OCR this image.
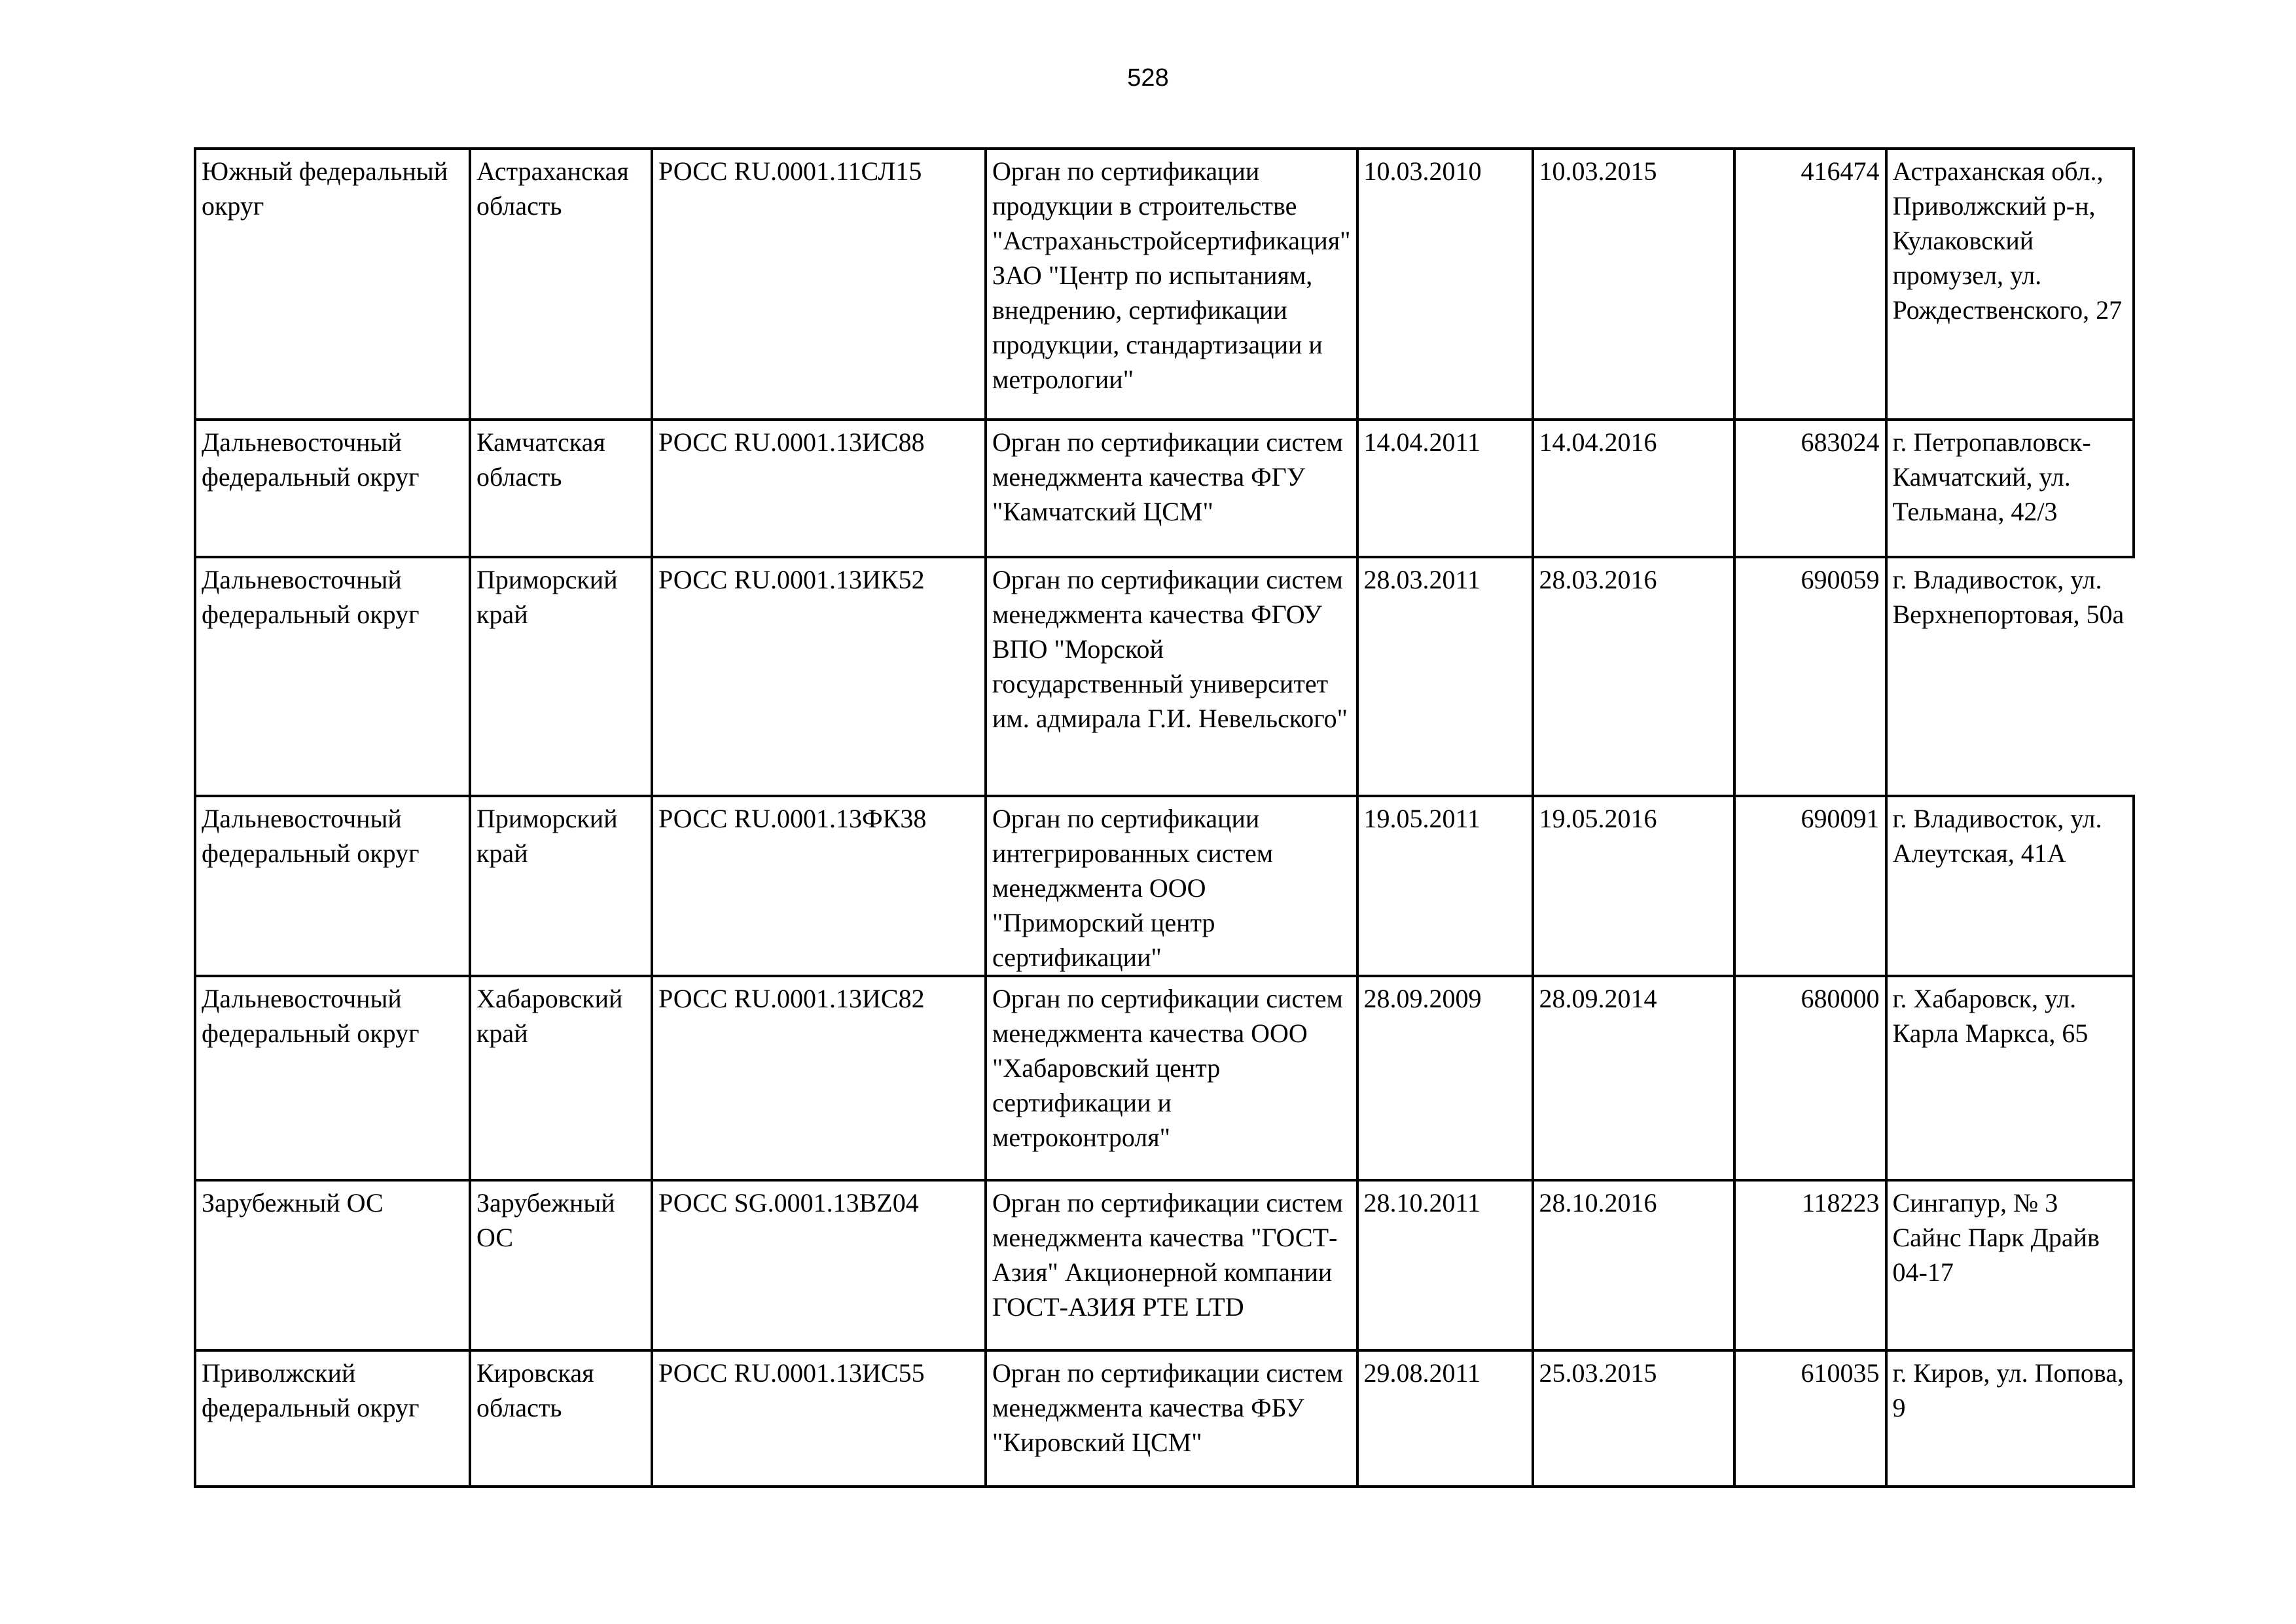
528
Южный федеральный округ	Астраханская область	РОСС RU.0001.11СЛ15	Орган по сертификации продукции в строительстве "Астраханьстройсертификация" ЗАО "Центр по испытаниям, внедрению, сертификации продукции, стандартизации и метрологии"	10.03.2010	10.03.2015	416474	Астраханская обл., Приволжский р-н, Кулаковский промузел, ул. Рождественского, 27

Дальневосточный федеральный округ	Камчатская область	РОСС RU.0001.13ИС88	Орган по сертификации систем менеджмента качества ФГУ "Камчатский ЦСМ"	14.04.2011	14.04.2016	683024	г. Петропавловск-Камчатский, ул. Тельмана, 42/3

Дальневосточный федеральный округ	Приморский край	РОСС RU.0001.13ИК52	Орган по сертификации систем менеджмента качества ФГОУ ВПО "Морской государственный университет им. адмирала Г.И. Невельского"	28.03.2011	28.03.2016	690059	г. Владивосток, ул. Верхнепортовая, 50а

Дальневосточный федеральный округ	Приморский край	РОСС RU.0001.13ФК38	Орган по сертификации интегрированных систем менеджмента ООО "Приморский центр сертификации"	19.05.2011	19.05.2016	690091	г. Владивосток, ул. Алеутская, 41А

Дальневосточный федеральный округ	Хабаровский край	РОСС RU.0001.13ИС82	Орган по сертификации систем менеджмента качества ООО "Хабаровский центр сертификации и метроконтроля"	28.09.2009	28.09.2014	680000	г. Хабаровск, ул. Карла Маркса, 65

Зарубежный ОС	Зарубежный ОС	РОСС SG.0001.13BZ04	Орган по сертификации систем менеджмента качества "ГОСТ-Азия" Акционерной компании ГОСТ-АЗИЯ PTE LTD	28.10.2011	28.10.2016	118223	Сингапур, № 3 Сайнс Парк Драйв 04-17

Приволжский федеральный округ	Кировская область	РОСС RU.0001.13ИС55	Орган по сертификации систем менеджмента качества ФБУ "Кировский ЦСМ"	29.08.2011	25.03.2015	610035	г. Киров, ул. Попова, 9
